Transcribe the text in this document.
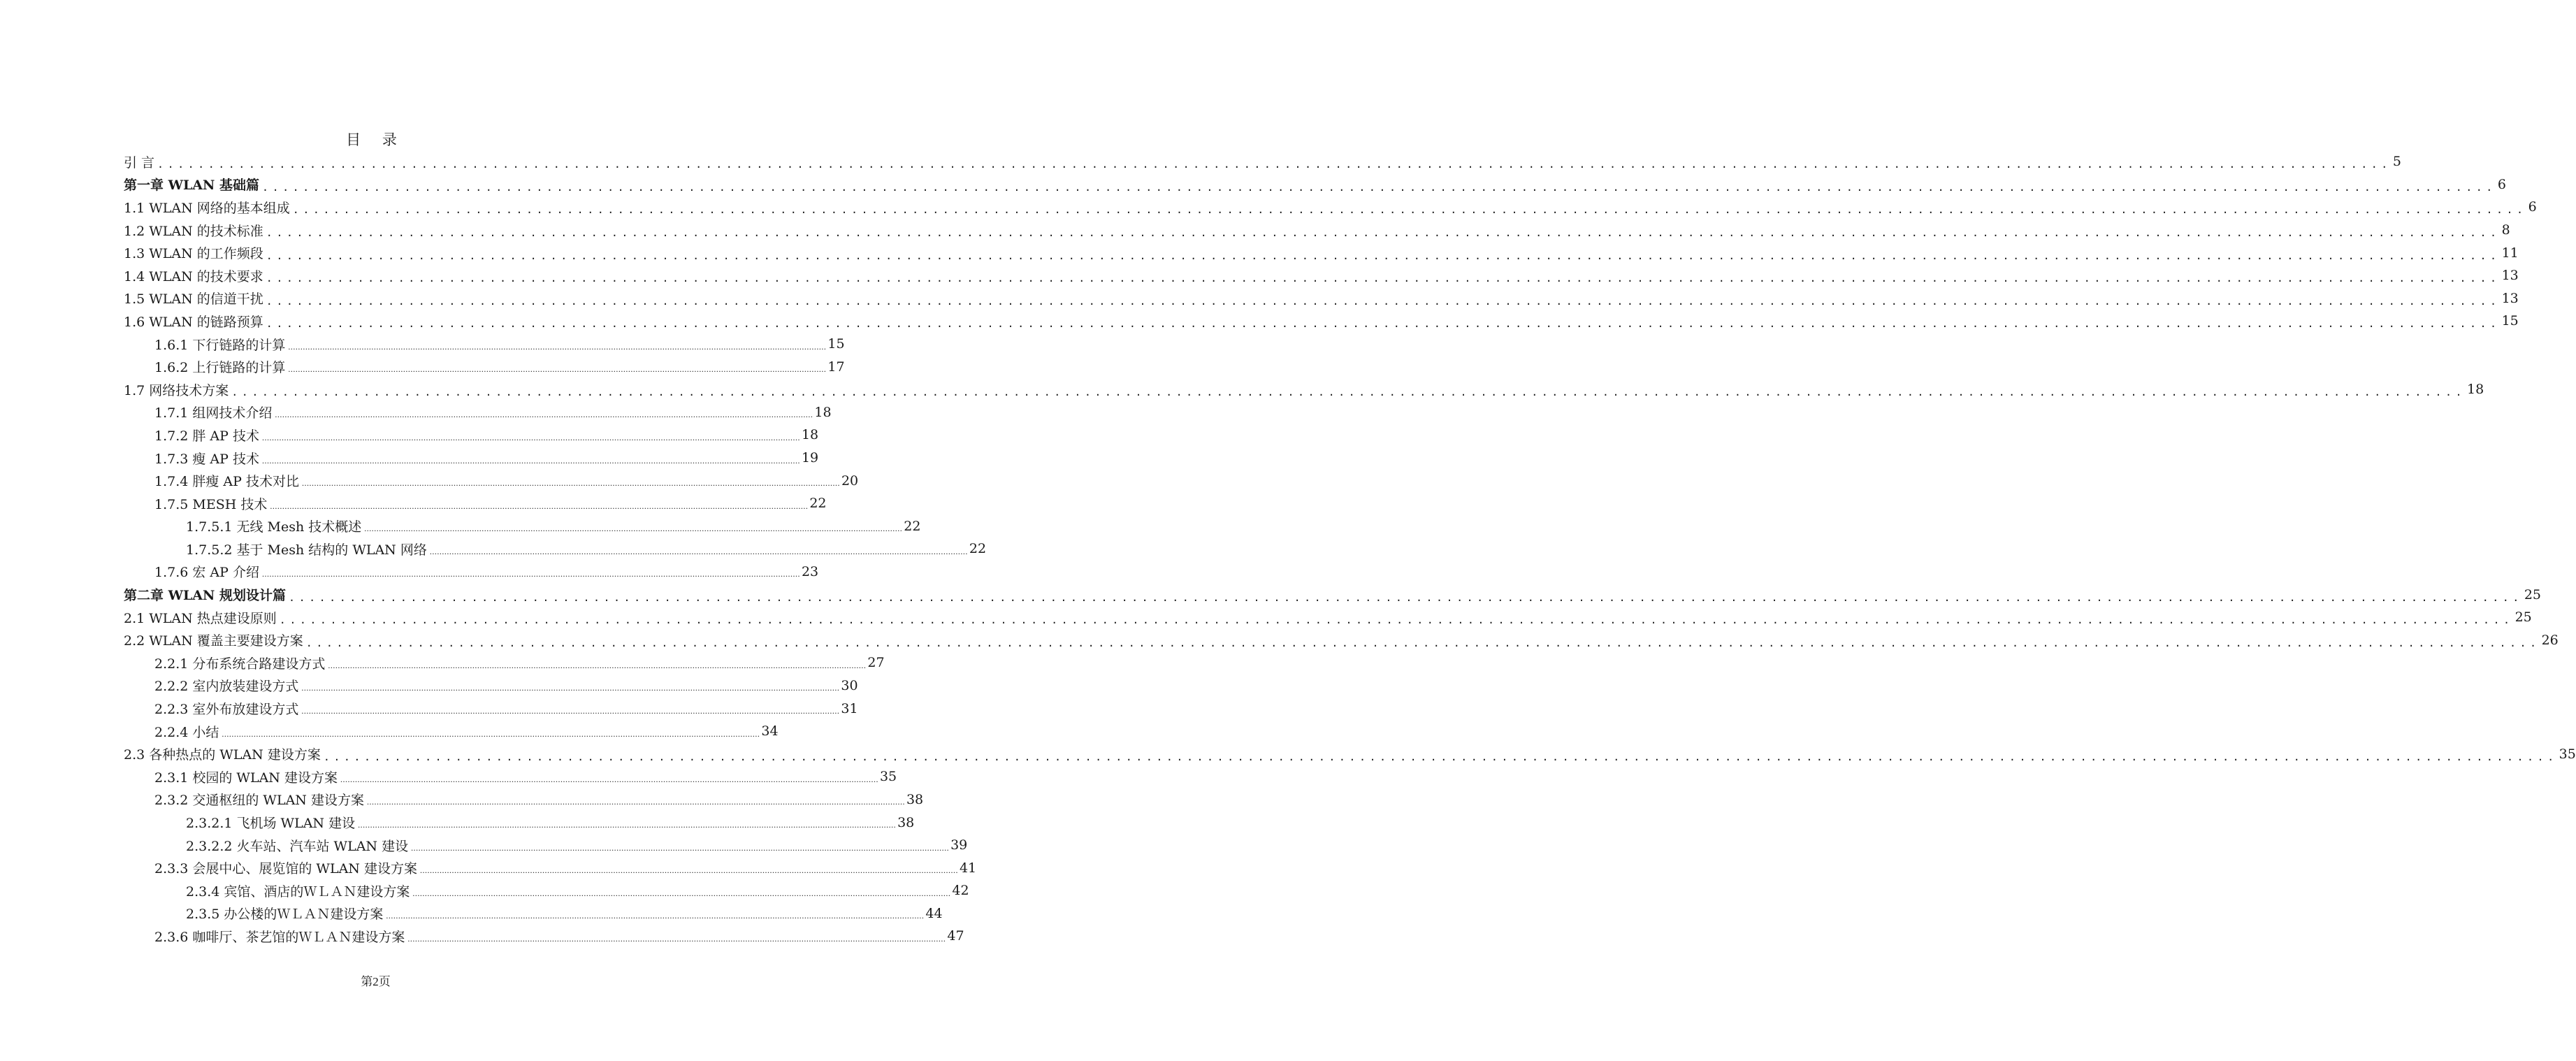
目 录
引 言 ............................................................................................................................................................................................................................ 5
第一章 WLAN 基础篇 ............................................................................................................................................................................................................................ 6
1.1 WLAN 网络的基本组成 ............................................................................................................................................................................................................................ 6
1.2 WLAN 的技术标准 ............................................................................................................................................................................................................................ 8
1.3 WLAN 的工作频段 ............................................................................................................................................................................................................................ 11
1.4 WLAN 的技术要求 ............................................................................................................................................................................................................................ 13
1.5 WLAN 的信道干扰 ............................................................................................................................................................................................................................ 13
1.6 WLAN 的链路预算 ............................................................................................................................................................................................................................ 15
1.6.1 下行链路的计算 ............................................................................................................................................................................................................................ 15
1.6.2 上行链路的计算 ............................................................................................................................................................................................................................ 17
1.7 网络技术方案 ............................................................................................................................................................................................................................ 18
1.7.1 组网技术介绍 ............................................................................................................................................................................................................................ 18
1.7.2 胖 AP 技术 ............................................................................................................................................................................................................................ 18
1.7.3 瘦 AP 技术 ............................................................................................................................................................................................................................ 19
1.7.4 胖瘦 AP 技术对比 ............................................................................................................................................................................................................................ 20
1.7.5 MESH 技术 ............................................................................................................................................................................................................................ 22
1.7.5.1 无线 Mesh 技术概述 ............................................................................................................................................................................................................................ 22
1.7.5.2 基于 Mesh 结构的 WLAN 网络 ............................................................................................................................................................................................................................ 22
1.7.6 宏 AP 介绍 ............................................................................................................................................................................................................................ 23
第二章 WLAN 规划设计篇 ............................................................................................................................................................................................................................ 25
2.1 WLAN 热点建设原则 ............................................................................................................................................................................................................................ 25
2.2 WLAN 覆盖主要建设方案 ............................................................................................................................................................................................................................ 26
2.2.1 分布系统合路建设方式 ............................................................................................................................................................................................................................ 27
2.2.2 室内放装建设方式 ............................................................................................................................................................................................................................ 30
2.2.3 室外布放建设方式 ............................................................................................................................................................................................................................ 31
2.2.4 小结 ............................................................................................................................................................................................................................ 34
2.3 各种热点的 WLAN 建设方案 ............................................................................................................................................................................................................................ 35
2.3.1 校园的 WLAN 建设方案 ............................................................................................................................................................................................................................ 35
2.3.2 交通枢纽的 WLAN 建设方案 ............................................................................................................................................................................................................................ 38
2.3.2.1 飞机场 WLAN 建设 ............................................................................................................................................................................................................................ 38
2.3.2.2 火车站、汽车站 WLAN 建设 ............................................................................................................................................................................................................................ 39
2.3.3 会展中心、展览馆的 WLAN 建设方案 ............................................................................................................................................................................................................................ 41
2.3.4 宾馆、酒店的ＷＬＡＮ建设方案 ............................................................................................................................................................................................................................ 42
2.3.5 办公楼的ＷＬＡＮ建设方案 ............................................................................................................................................................................................................................ 44
2.3.6 咖啡厅、茶艺馆的ＷＬＡＮ建设方案 ............................................................................................................................................................................................................................ 47
第2页
